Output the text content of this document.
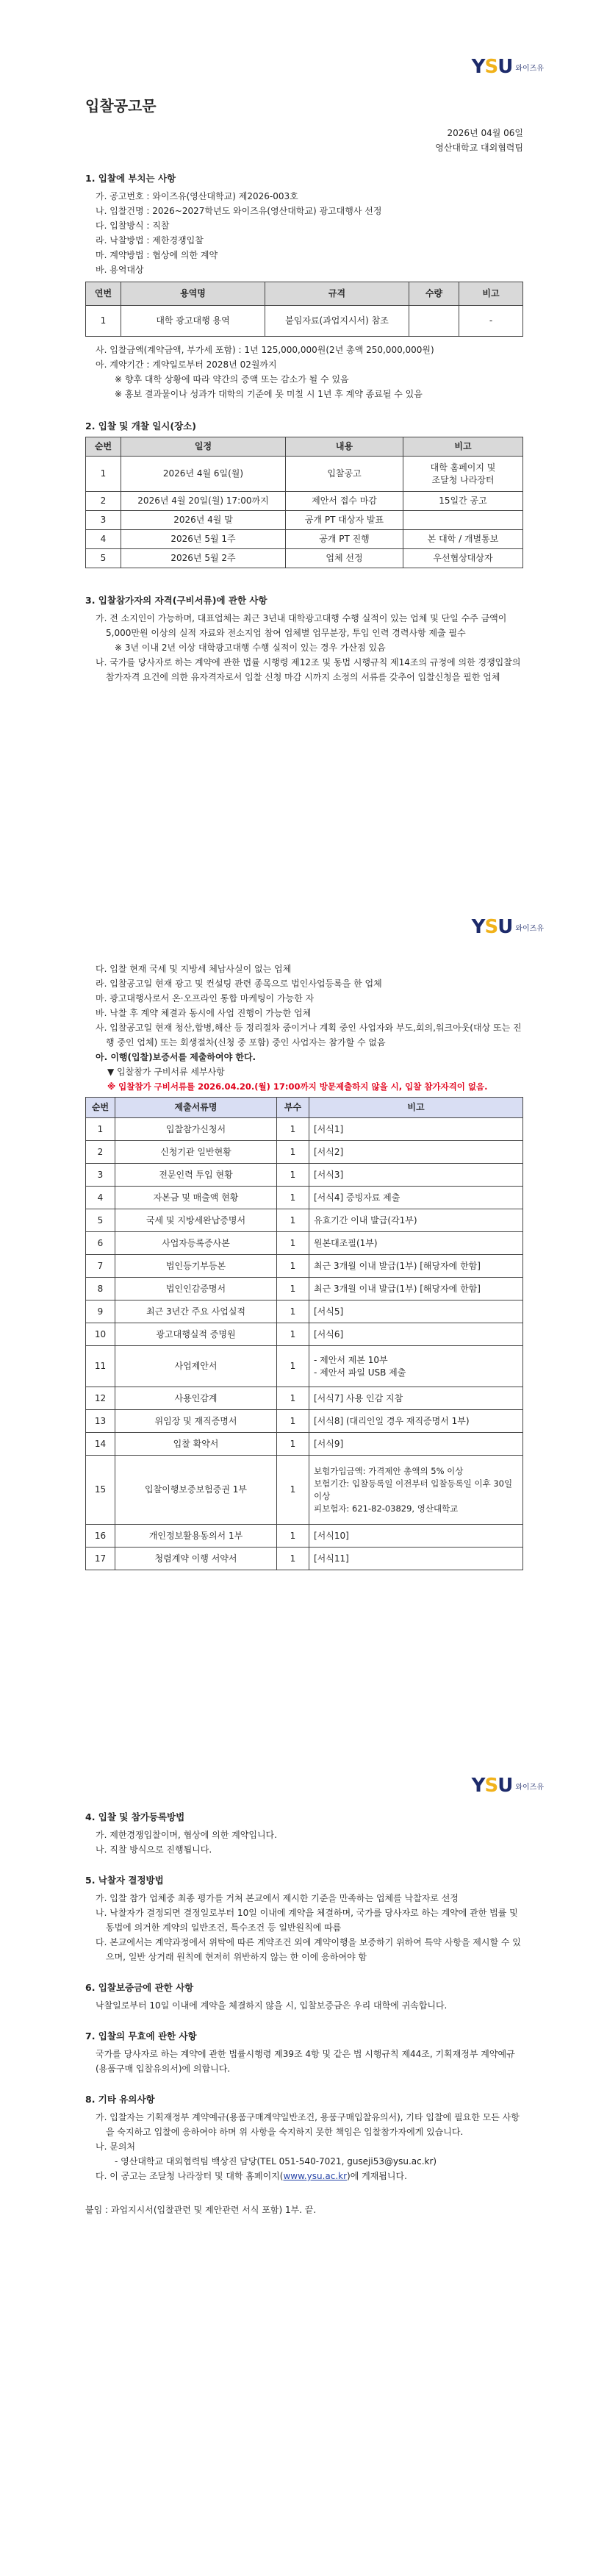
Y S U 와이즈유
입찰공고문
2026년 04월 06일
영산대학교 대외협력팀
1. 입찰에 부치는 사항
가. 공고번호 : 와이즈유(영산대학교) 제2026-003호
나. 입찰건명 : 2026~2027학년도 와이즈유(영산대학교) 광고대행사 선정
다. 입찰방식 : 직찰
라. 낙찰방법 : 제한경쟁입찰
마. 계약방법 : 협상에 의한 계약
바. 용역대상
연번	용역명	규격	수량	비고
1	대학 광고대행 용역	붙임자료(과업지시서) 참조		-
사. 입찰금액(계약금액, 부가세 포함) : 1년 125,000,000원(2년 총액 250,000,000원)
아. 계약기간 : 계약일로부터 2028년 02월까지
※ 향후 대학 상황에 따라 약간의 증액 또는 감소가 될 수 있음
※ 홍보 결과물이나 성과가 대학의 기준에 못 미칠 시 1년 후 계약 종료될 수 있음
2. 입찰 및 개찰 일시(장소)
순번	일정	내용	비고
1	2026년 4월 6일(월)	입찰공고	대학 홈페이지 및
조달청 나라장터
2	2026년 4월 20일(월) 17:00까지	제안서 접수 마감	15일간 공고
3	2026년 4월 말	공개 PT 대상자 발표	
4	2026년 5월 1주	공개 PT 진행	본 대학 / 개별통보
5	2026년 5월 2주	업체 선정	우선협상대상자
3. 입찰참가자의 자격(구비서류)에 관한 사항
가. 전 소지인이 가능하며, 대표업체는 최근 3년내 대학광고대행 수행 실적이 있는 업체 및 단일 수주 금액이 5,000만원 이상의 실적 자료와 전소지업 참여 업체별 업무분장, 투입 인력 경력사항 제출 필수
※ 3년 이내 2년 이상 대학광고대행 수행 실적이 있는 경우 가산점 있음
나. 국가를 당사자로 하는 계약에 관한 법률 시행령 제12조 및 동법 시행규칙 제14조의 규정에 의한 경쟁입찰의 참가자격 요건에 의한 유자격자로서 입찰 신청 마감 시까지 소정의 서류를 갖추어 입찰신청을 필한 업체
Y S U 와이즈유
다. 입찰 현재 국세 및 지방세 체납사실이 없는 업체
라. 입찰공고일 현재 광고 및 컨설팅 관련 종목으로 법인사업등록을 한 업체
마. 광고대행사로서 온·오프라인 통합 마케팅이 가능한 자
바. 낙찰 후 계약 체결과 동시에 사업 진행이 가능한 업체
사. 입찰공고일 현재 청산,합병,해산 등 정리절차 중이거나 계획 중인 사업자와 부도,회의,워크아웃(대상 또는 진행 중인 업체) 또는 회생절차(신청 중 포함) 중인 사업자는 참가할 수 없음
아. 이행(입찰)보증서를 제출하여야 한다.
▼ 입찰참가 구비서류 세부사항
※ 입찰참가 구비서류를 2026.04.20.(월) 17:00까지 방문제출하지 않을 시, 입찰 참가자격이 없음.
순번	제출서류명	부수	비고
1	입찰참가신청서	1	[서식1]
2	신청기관 일반현황	1	[서식2]
3	전문인력 투입 현황	1	[서식3]
4	자본금 및 매출액 현황	1	[서식4] 증빙자료 제출
5	국세 및 지방세완납증명서	1	유효기간 이내 발급(각1부)
6	사업자등록증사본	1	원본대조필(1부)
7	법인등기부등본	1	최근 3개월 이내 발급(1부) [해당자에 한함]
8	법인인감증명서	1	최근 3개월 이내 발급(1부) [해당자에 한함]
9	최근 3년간 주요 사업실적	1	[서식5]
10	광고대행실적 증명원	1	[서식6]
11	사업제안서	1	- 제안서 제본 10부
- 제안서 파일 USB 제출
12	사용인감계	1	[서식7] 사용 인감 지참
13	위임장 및 재직증명서	1	[서식8] (대리인일 경우 재직증명서 1부)
14	입찰 확약서	1	[서식9]
15	입찰이행보증보험증권 1부	1	보험가입금액: 가격제안 총액의 5% 이상
보험기간: 입찰등록일 이전부터 입찰등록일 이후 30일 이상
피보험자: 621-82-03829, 영산대학교
16	개인정보활용동의서 1부	1	[서식10]
17	청렴계약 이행 서약서	1	[서식11]
Y S U 와이즈유
4. 입찰 및 참가등록방법
가. 제한경쟁입찰이며, 협상에 의한 계약입니다.
나. 직찰 방식으로 진행됩니다.
5. 낙찰자 결정방법
가. 입찰 참가 업체중 최종 평가를 거쳐 본교에서 제시한 기준을 만족하는 업체를 낙찰자로 선정
나. 낙찰자가 결정되면 결정일로부터 10일 이내에 계약을 체결하며, 국가를 당사자로 하는 계약에 관한 법률 및 동법에 의거한 계약의 일반조건, 특수조건 등 일반원칙에 따름
다. 본교에서는 계약과정에서 위탁에 따른 계약조건 외에 계약이행을 보증하기 위하여 특약 사항을 제시할 수 있으며, 일반 상거래 원칙에 현저히 위반하지 않는 한 이에 응하여야 함
6. 입찰보증금에 관한 사항
낙찰일로부터 10일 이내에 계약을 체결하지 않을 시, 입찰보증금은 우리 대학에 귀속합니다.
7. 입찰의 무효에 관한 사항
국가를 당사자로 하는 계약에 관한 법률시행령 제39조 4항 및 같은 법 시행규칙 제44조, 기획재정부 계약예규(용품구매 입찰유의서)에 의합니다.
8. 기타 유의사항
가. 입찰자는 기획재정부 계약예규(용품구매계약일반조건, 용품구매입찰유의서), 기타 입찰에 필요한 모든 사항을 숙지하고 입찰에 응하여야 하며 위 사항을 숙지하지 못한 책임은 입찰참가자에게 있습니다.
나. 문의처
- 영산대학교 대외협력팀 백상진 담당(TEL 051-540-7021, guseji53@ysu.ac.kr)
다. 이 공고는 조달청 나라장터 및 대학 홈페이지(www.ysu.ac.kr)에 게재됩니다.
붙임 : 과업지시서(입찰관련 및 제안관련 서식 포함) 1부. 끝.
